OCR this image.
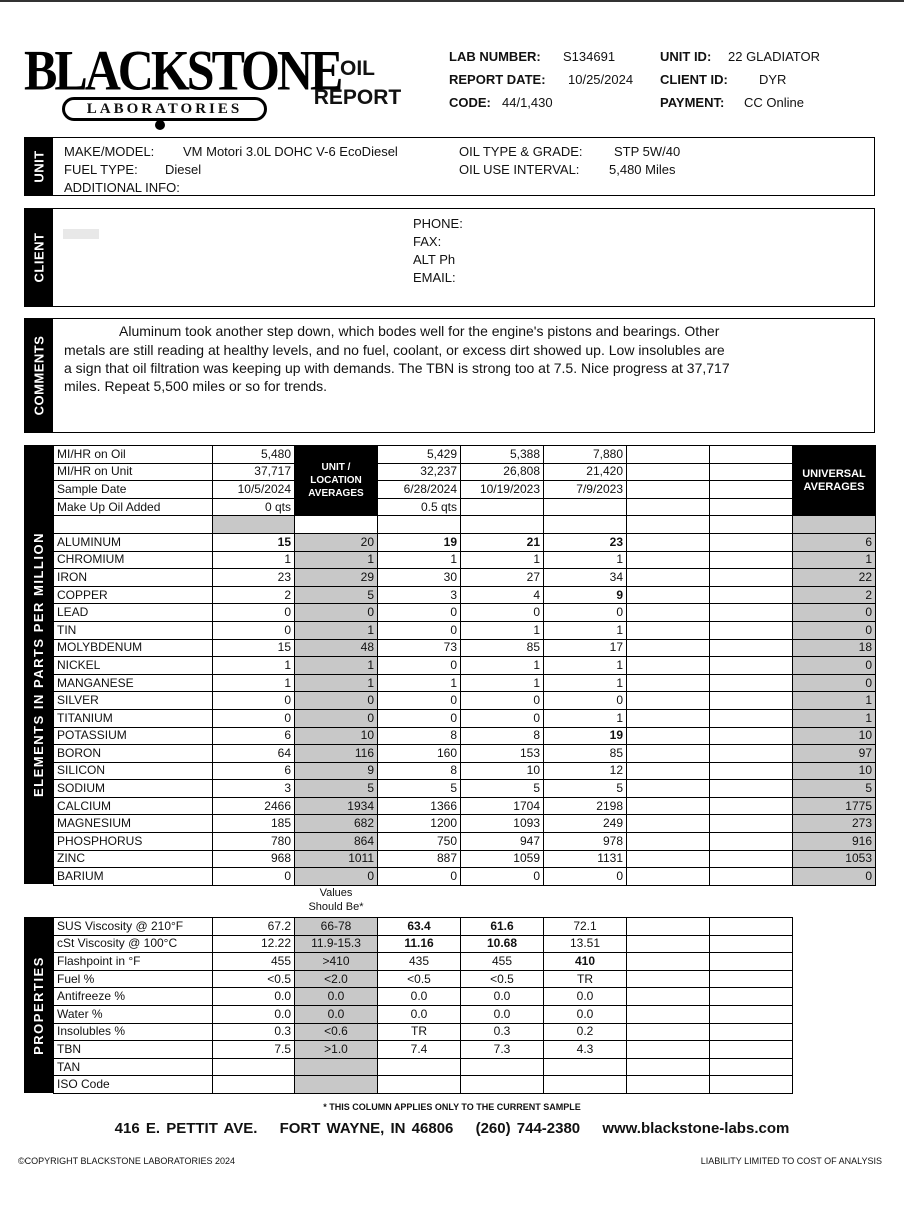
BLACKSTONE
LABORATORIES
OIL
REPORT
LAB NUMBER: S134691
REPORT DATE: 10/25/2024
CODE: 44/1,430
UNIT ID: 22 GLADIATOR
CLIENT ID: DYR
PAYMENT: CC Online
UNIT MAKE/MODEL: VM Motori 3.0L DOHC V-6 EcoDiesel
FUEL TYPE: Diesel
ADDITIONAL INFO:
OIL TYPE & GRADE: STP 5W/40
OIL USE INTERVAL: 5,480 Miles
CLIENT

PHONE:
FAX:
ALT Ph
EMAIL:
COMMENTS
Aluminum took another step down, which bodes well for the engine's pistons and bearings. Other
metals are still reading at healthy levels, and no fuel, coolant, or excess dirt showed up. Low insolubles are
a sign that oil filtration was keeping up with demands. The TBN is strong too at 7.5. Nice progress at 37,717
miles. Repeat 5,500 miles or so for trends.
ELEMENTS IN PARTS PER MILLION
MI/HR on Oil	5,480	UNIT / LOCATION AVERAGES	5,429	5,388	7,880			UNIVERSAL AVERAGES
MI/HR on Unit	37,717		32,237	26,808	21,420			
Sample Date	10/5/2024		6/28/2024	10/19/2023	7/9/2023			
Make Up Oil Added	0 qts		0.5 qts					

ALUMINUM	15	20	19	21	23			6
CHROMIUM	1	1	1	1	1			1
IRON	23	29	30	27	34			22
COPPER	2	5	3	4	9			2
LEAD	0	0	0	0	0			0
TIN	0	1	0	1	1			0
MOLYBDENUM	15	48	73	85	17			18
NICKEL	1	1	0	1	1			0
MANGANESE	1	1	1	1	1			0
SILVER	0	0	0	0	0			1
TITANIUM	0	0	0	0	1			1
POTASSIUM	6	10	8	8	19			10
BORON	64	116	160	153	85			97
SILICON	6	9	8	10	12			10
SODIUM	3	5	5	5	5			5
CALCIUM	2466	1934	1366	1704	2198			1775
MAGNESIUM	185	682	1200	1093	249			273
PHOSPHORUS	780	864	750	947	978			916
ZINC	968	1011	887	1059	1131			1053
BARIUM	0	0	0	0	0			0
Values
Should Be*
PROPERTIES
SUS Viscosity @ 210°F	67.2	66-78	63.4	61.6	72.1		
cSt Viscosity @ 100°C	12.22	11.9-15.3	11.16	10.68	13.51		
Flashpoint in °F	455	>410	435	455	410		
Fuel %	<0.5	<2.0	<0.5	<0.5	TR		
Antifreeze %	0.0	0.0	0.0	0.0	0.0		
Water %	0.0	0.0	0.0	0.0	0.0		
Insolubles %	0.3	<0.6	TR	0.3	0.2		
TBN	7.5	>1.0	7.4	7.3	4.3		
TAN							
ISO Code							
* THIS COLUMN APPLIES ONLY TO THE CURRENT SAMPLE
416 E. PETTIT AVE. FORT WAYNE, IN 46806 (260) 744-2380 www.blackstone-labs.com
©COPYRIGHT BLACKSTONE LABORATORIES 2024	LIABILITY LIMITED TO COST OF ANALYSIS
